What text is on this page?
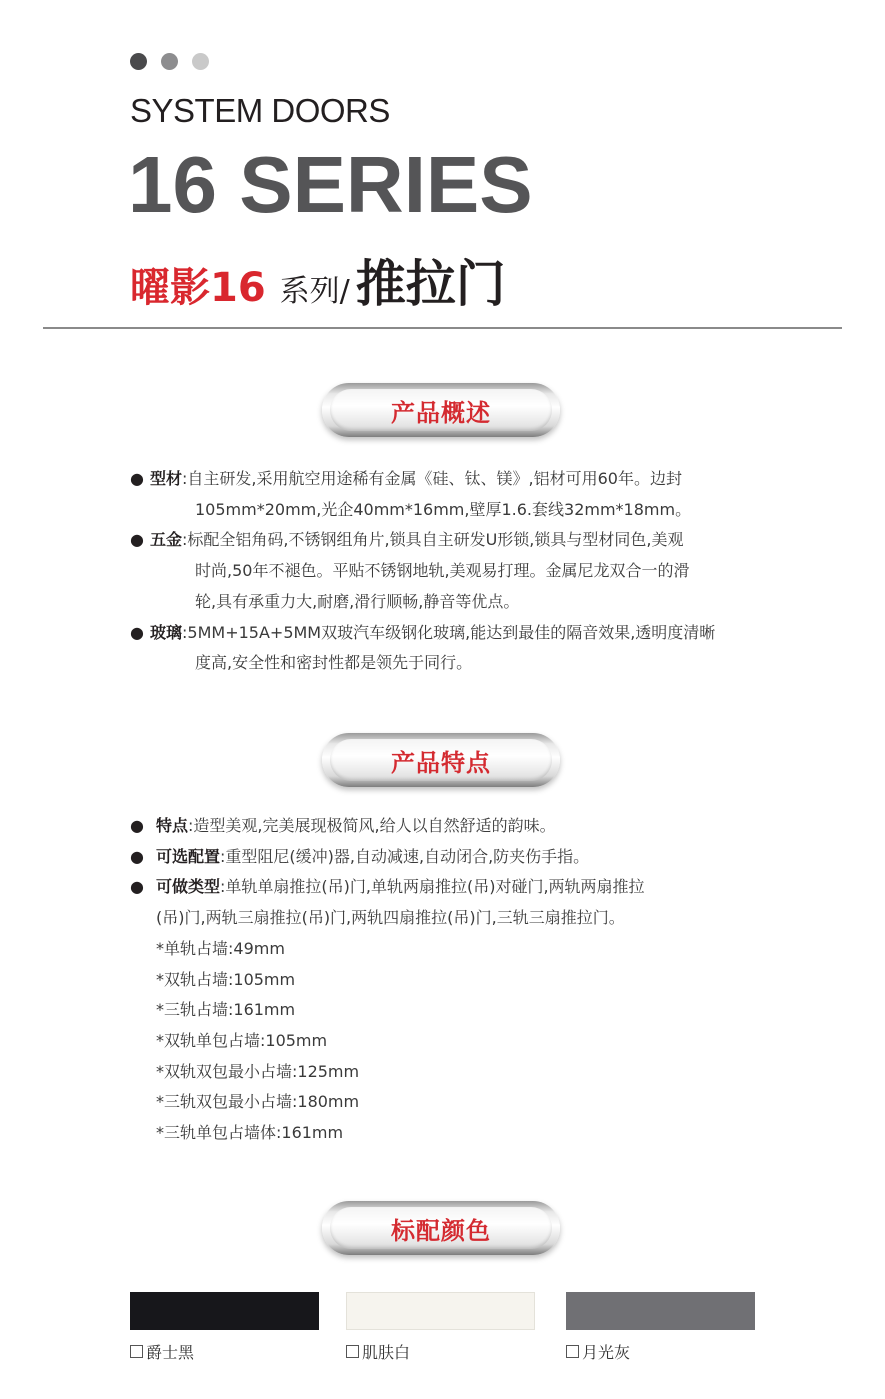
SYSTEM DOORS
16 SERIES
曜影16 系列/ 推拉门
产品概述
● 型材:自主研发,采用航空用途稀有金属《硅、钛、镁》,铝材可用60年。边封
105mm*20mm,光企40mm*16mm,壁厚1.6.套线32mm*18mm。
● 五金:标配全铝角码,不锈钢组角片,锁具自主研发U形锁,锁具与型材同色,美观
时尚,50年不褪色。平贴不锈钢地轨,美观易打理。金属尼龙双合一的滑
轮,具有承重力大,耐磨,滑行顺畅,静音等优点。
● 玻璃:5MM+15A+5MM双玻汽车级钢化玻璃,能达到最佳的隔音效果,透明度清晰
度高,安全性和密封性都是领先于同行。
产品特点
● 特点:造型美观,完美展现极简风,给人以自然舒适的韵味。
● 可选配置:重型阻尼(缓冲)器,自动减速,自动闭合,防夹伤手指。
● 可做类型:单轨单扇推拉(吊)门,单轨两扇推拉(吊)对碰门,两轨两扇推拉
(吊)门,两轨三扇推拉(吊)门,两轨四扇推拉(吊)门,三轨三扇推拉门。
*单轨占墙:49mm
*双轨占墙:105mm
*三轨占墙:161mm
*双轨单包占墙:105mm
*双轨双包最小占墙:125mm
*三轨双包最小占墙:180mm
*三轨单包占墙体:161mm
标配颜色
爵士黑	肌肤白	月光灰
